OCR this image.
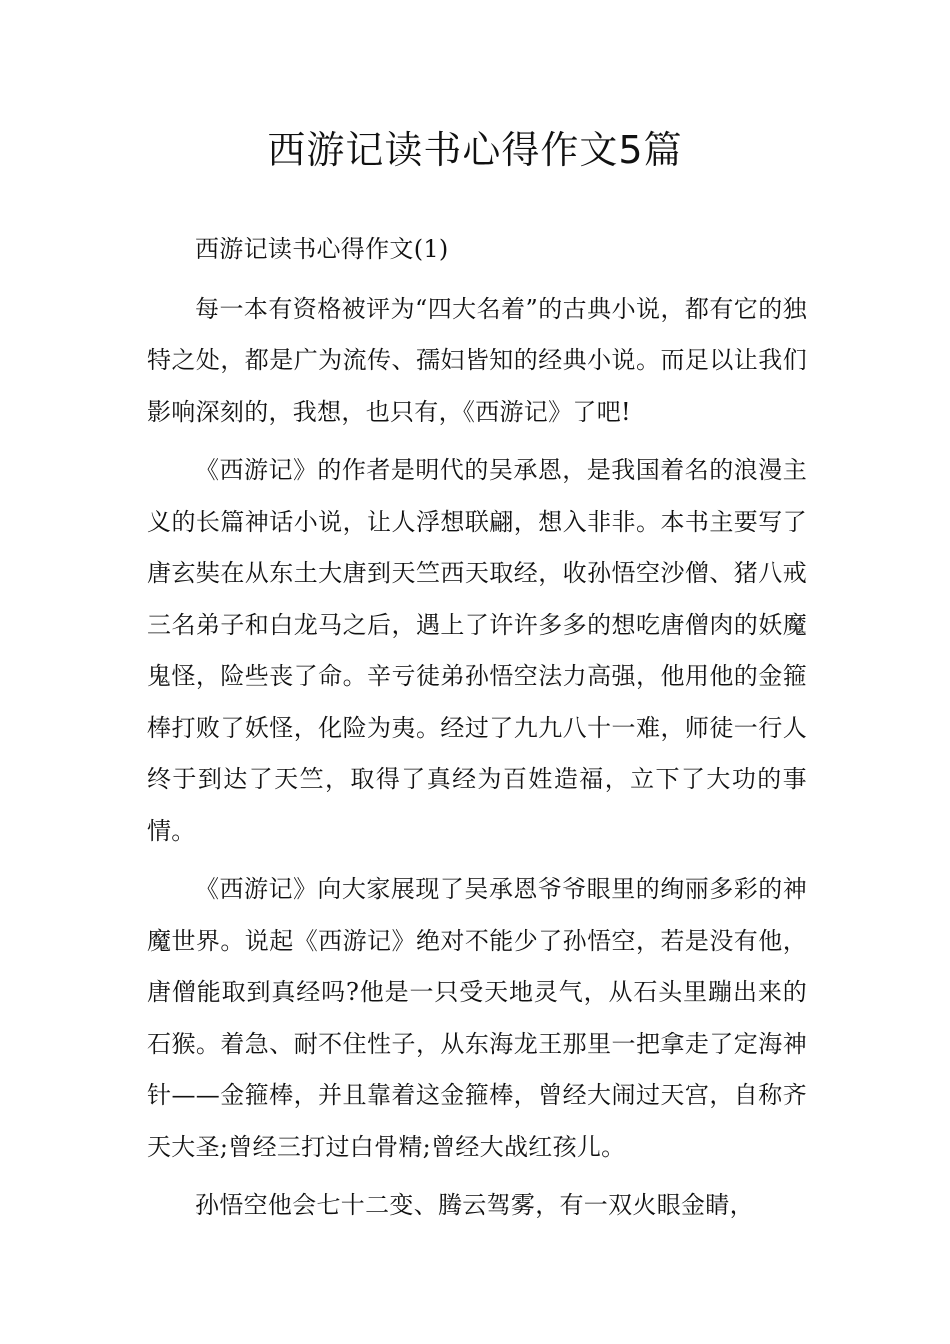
西游记读书心得作文5篇

西游记读书心得作文(1)

每一本有资格被评为“四大名着”的古典小说，都有它的独特之处，都是广为流传、孺妇皆知的经典小说。而足以让我们影响深刻的，我想，也只有，《西游记》了吧!

《西游记》的作者是明代的吴承恩，是我国着名的浪漫主义的长篇神话小说，让人浮想联翩，想入非非。本书主要写了唐玄奘在从东土大唐到天竺西天取经，收孙悟空沙僧、猪八戒三名弟子和白龙马之后，遇上了许许多多的想吃唐僧肉的妖魔鬼怪，险些丧了命。辛亏徒弟孙悟空法力高强，他用他的金箍棒打败了妖怪，化险为夷。经过了九九八十一难，师徒一行人终于到达了天竺，取得了真经为百姓造福，立下了大功的事情。

《西游记》向大家展现了吴承恩爷爷眼里的绚丽多彩的神魔世界。说起《西游记》绝对不能少了孙悟空，若是没有他，唐僧能取到真经吗?他是一只受天地灵气，从石头里蹦出来的石猴。着急、耐不住性子，从东海龙王那里一把拿走了定海神针——金箍棒，并且靠着这金箍棒，曾经大闹过天宫，自称齐天大圣;曾经三打过白骨精;曾经大战红孩儿。

孙悟空他会七十二变、腾云驾雾，有一双火眼金睛，
